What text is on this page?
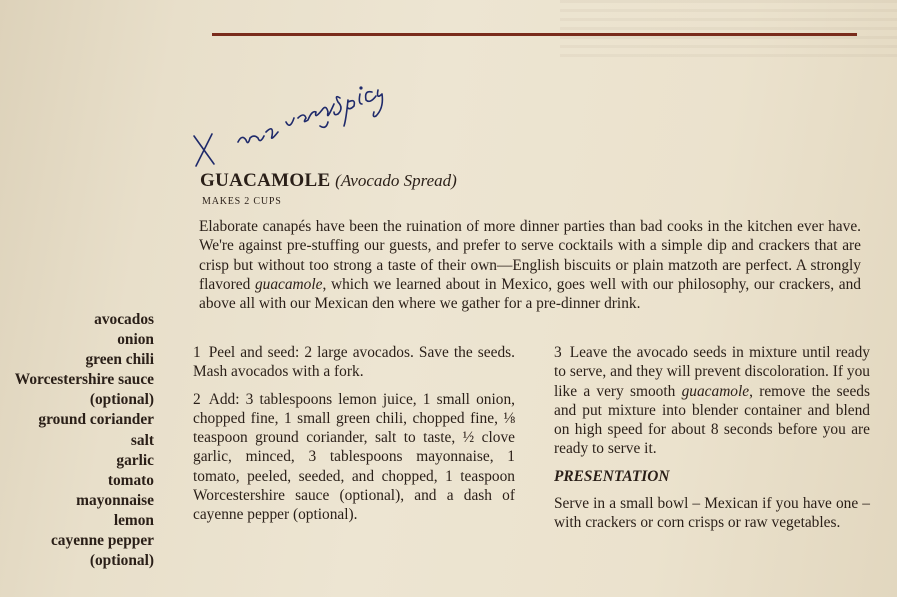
GUACAMOLE (Avocado Spread)
MAKES 2 CUPS
Elaborate canapés have been the ruination of more dinner parties than bad cooks in the kitchen ever have. We're against pre-stuffing our guests, and prefer to serve cocktails with a simple dip and crackers that are crisp but without too strong a taste of their own—English biscuits or plain matzoth are perfect. A strongly flavored guacamole, which we learned about in Mexico, goes well with our philosophy, our crackers, and above all with our Mexican den where we gather for a pre-dinner drink.
avocados
onion
green chili
Worcestershire sauce
(optional)
ground coriander
salt
garlic
tomato
mayonnaise
lemon
cayenne pepper
(optional)

1 Peel and seed: 2 large avocados. Save the seeds. Mash avocados with a fork.

2 Add: 3 tablespoons lemon juice, 1 small onion, chopped fine, 1 small green chili, chopped fine, ⅛ teaspoon ground coriander, salt to taste, ½ clove garlic, minced, 3 tablespoons mayonnaise, 1 tomato, peeled, seeded, and chopped, 1 teaspoon Worcestershire sauce (optional), and a dash of cayenne pepper (optional).

3 Leave the avocado seeds in mixture until ready to serve, and they will prevent discoloration. If you like a very smooth guacamole, remove the seeds and put mixture into blender container and blend on high speed for about 8 seconds before you are ready to serve it.

PRESENTATION

Serve in a small bowl – Mexican if you have one – with crackers or corn crisps or raw vegetables.
